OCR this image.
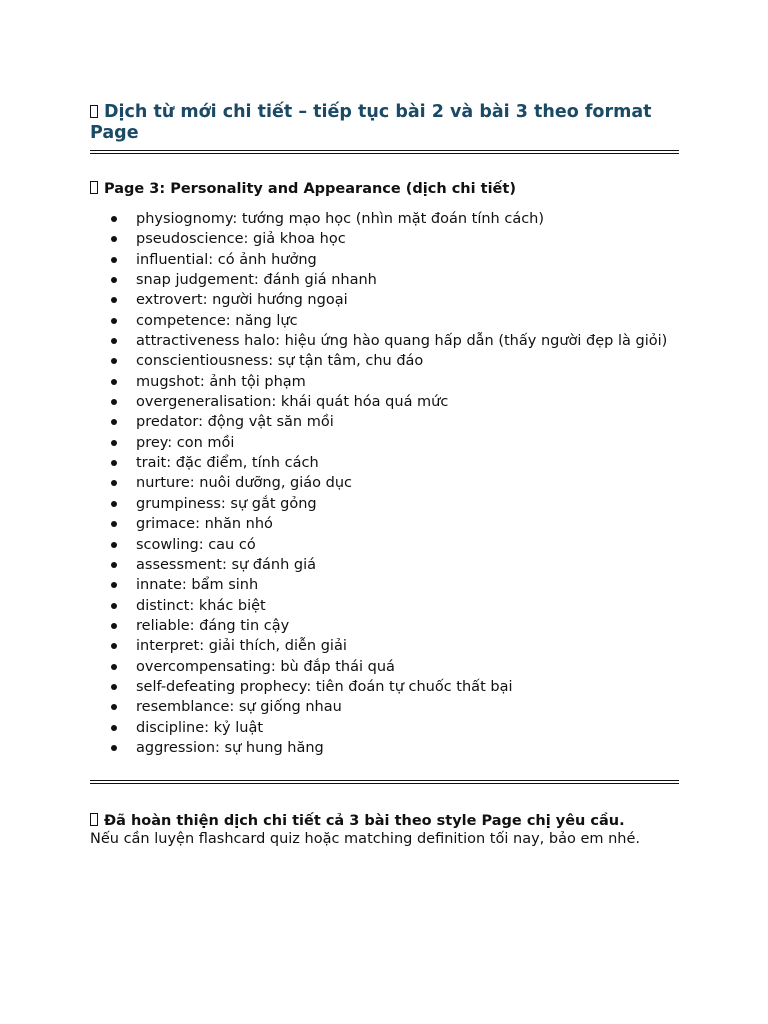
Dịch từ mới chi tiết – tiếp tục bài 2 và bài 3 theo format Page
Page 3: Personality and Appearance (dịch chi tiết)
physiognomy: tướng mạo học (nhìn mặt đoán tính cách)
pseudoscience: giả khoa học
influential: có ảnh hưởng
snap judgement: đánh giá nhanh
extrovert: người hướng ngoại
competence: năng lực
attractiveness halo: hiệu ứng hào quang hấp dẫn (thấy người đẹp là giỏi)
conscientiousness: sự tận tâm, chu đáo
mugshot: ảnh tội phạm
overgeneralisation: khái quát hóa quá mức
predator: động vật săn mồi
prey: con mồi
trait: đặc điểm, tính cách
nurture: nuôi dưỡng, giáo dục
grumpiness: sự gắt gỏng
grimace: nhăn nhó
scowling: cau có
assessment: sự đánh giá
innate: bẩm sinh
distinct: khác biệt
reliable: đáng tin cậy
interpret: giải thích, diễn giải
overcompensating: bù đắp thái quá
self-defeating prophecy: tiên đoán tự chuốc thất bại
resemblance: sự giống nhau
discipline: kỷ luật
aggression: sự hung hăng
Đã hoàn thiện dịch chi tiết cả 3 bài theo style Page chị yêu cầu.
Nếu cần luyện flashcard quiz hoặc matching definition tối nay, bảo em nhé.
